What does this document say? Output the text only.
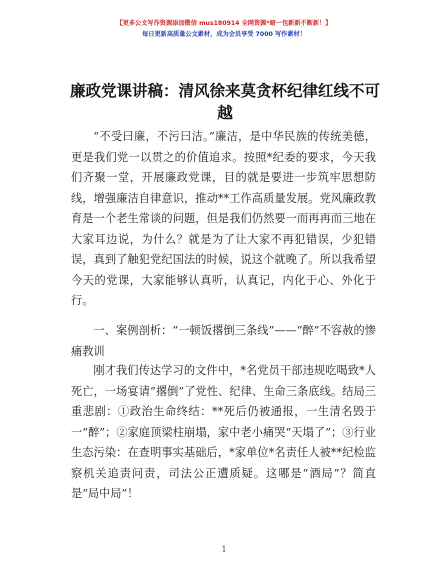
【更多公文写作资源添加微信 mus180914 全网资源*暗一包新新不断新！】
每日更新高质量公文素材，成为会员享受 7000 写作素材！
廉政党课讲稿：清风徐来莫贪杯纪律红线不可越

“不受曰廉，不污曰洁。”廉洁，是中华民族的传统美德，更是我们党一以贯之的价值追求。按照*纪委的要求，今天我们齐聚一堂，开展廉政党课，目的就是要进一步筑牢思想防线，增强廉洁自律意识，推动**工作高质量发展。党风廉政教育是一个老生常谈的问题，但是我们仍然要一而再再而三地在大家耳边说，为什么？就是为了让大家不再犯错误，少犯错误，真到了触犯党纪国法的时候，说这个就晚了。所以我希望今天的党课，大家能够认真听，认真记，内化于心、外化于行。

一、案例剖析：“一顿饭撂倒三条线”——“醉”不容赦的惨痛教训

刚才我们传达学习的文件中，*名党员干部违规吃喝致*人死亡，一场宴请“撂倒”了党性、纪律、生命三条底线。结局三重悲剧：①政治生命终结：**死后仍被通报，一生清名毁于一“醉”；②家庭顶梁柱崩塌，家中老小痛哭“天塌了”；③行业生态污染：在查明事实基础后，*家单位*名责任人被**纪检监察机关追责问责，司法公正遭质疑。这哪是“酒局”？简直是“局中局”！

1
